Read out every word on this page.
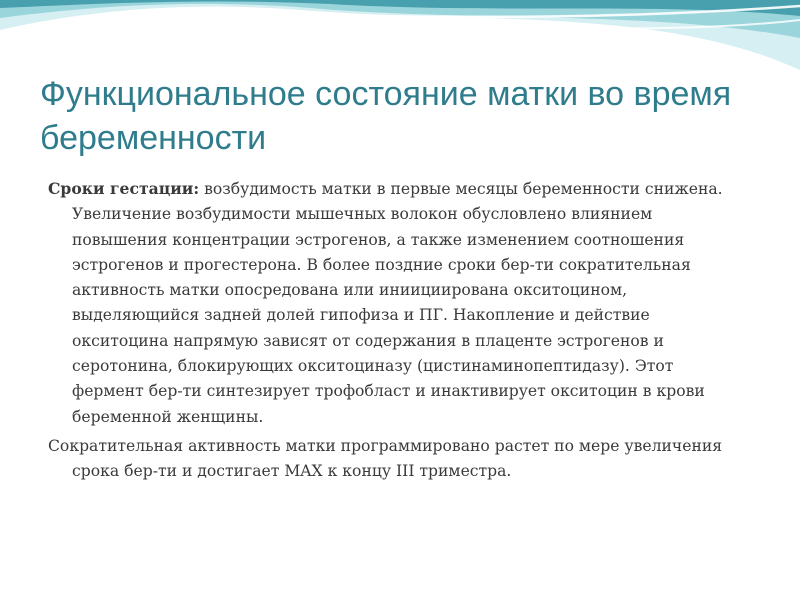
Функциональное состояние матки во время беременности

Сроки гестации: возбудимость матки в первые месяцы беременности снижена. Увеличение возбудимости мышечных волокон обусловлено влиянием повышения концентрации эстрогенов, а также изменением соотношения эстрогенов и прогестерона. В более поздние сроки бер-ти сократительная активность матки опосредована или иниициирована окситоцином, выделяющийся задней долей гипофиза и ПГ. Накопление и действие окситоцина напрямую зависят от содержания в плаценте эстрогенов и серотонина, блокирующих окситоциназу (цистинаминопептидазу). Этот фермент бер-ти синтезирует трофобласт и инактивирует окситоцин в крови беременной женщины.

Сократительная активность матки программировано растет по мере увеличения срока бер-ти и достигает MAX к концу III триместра.
